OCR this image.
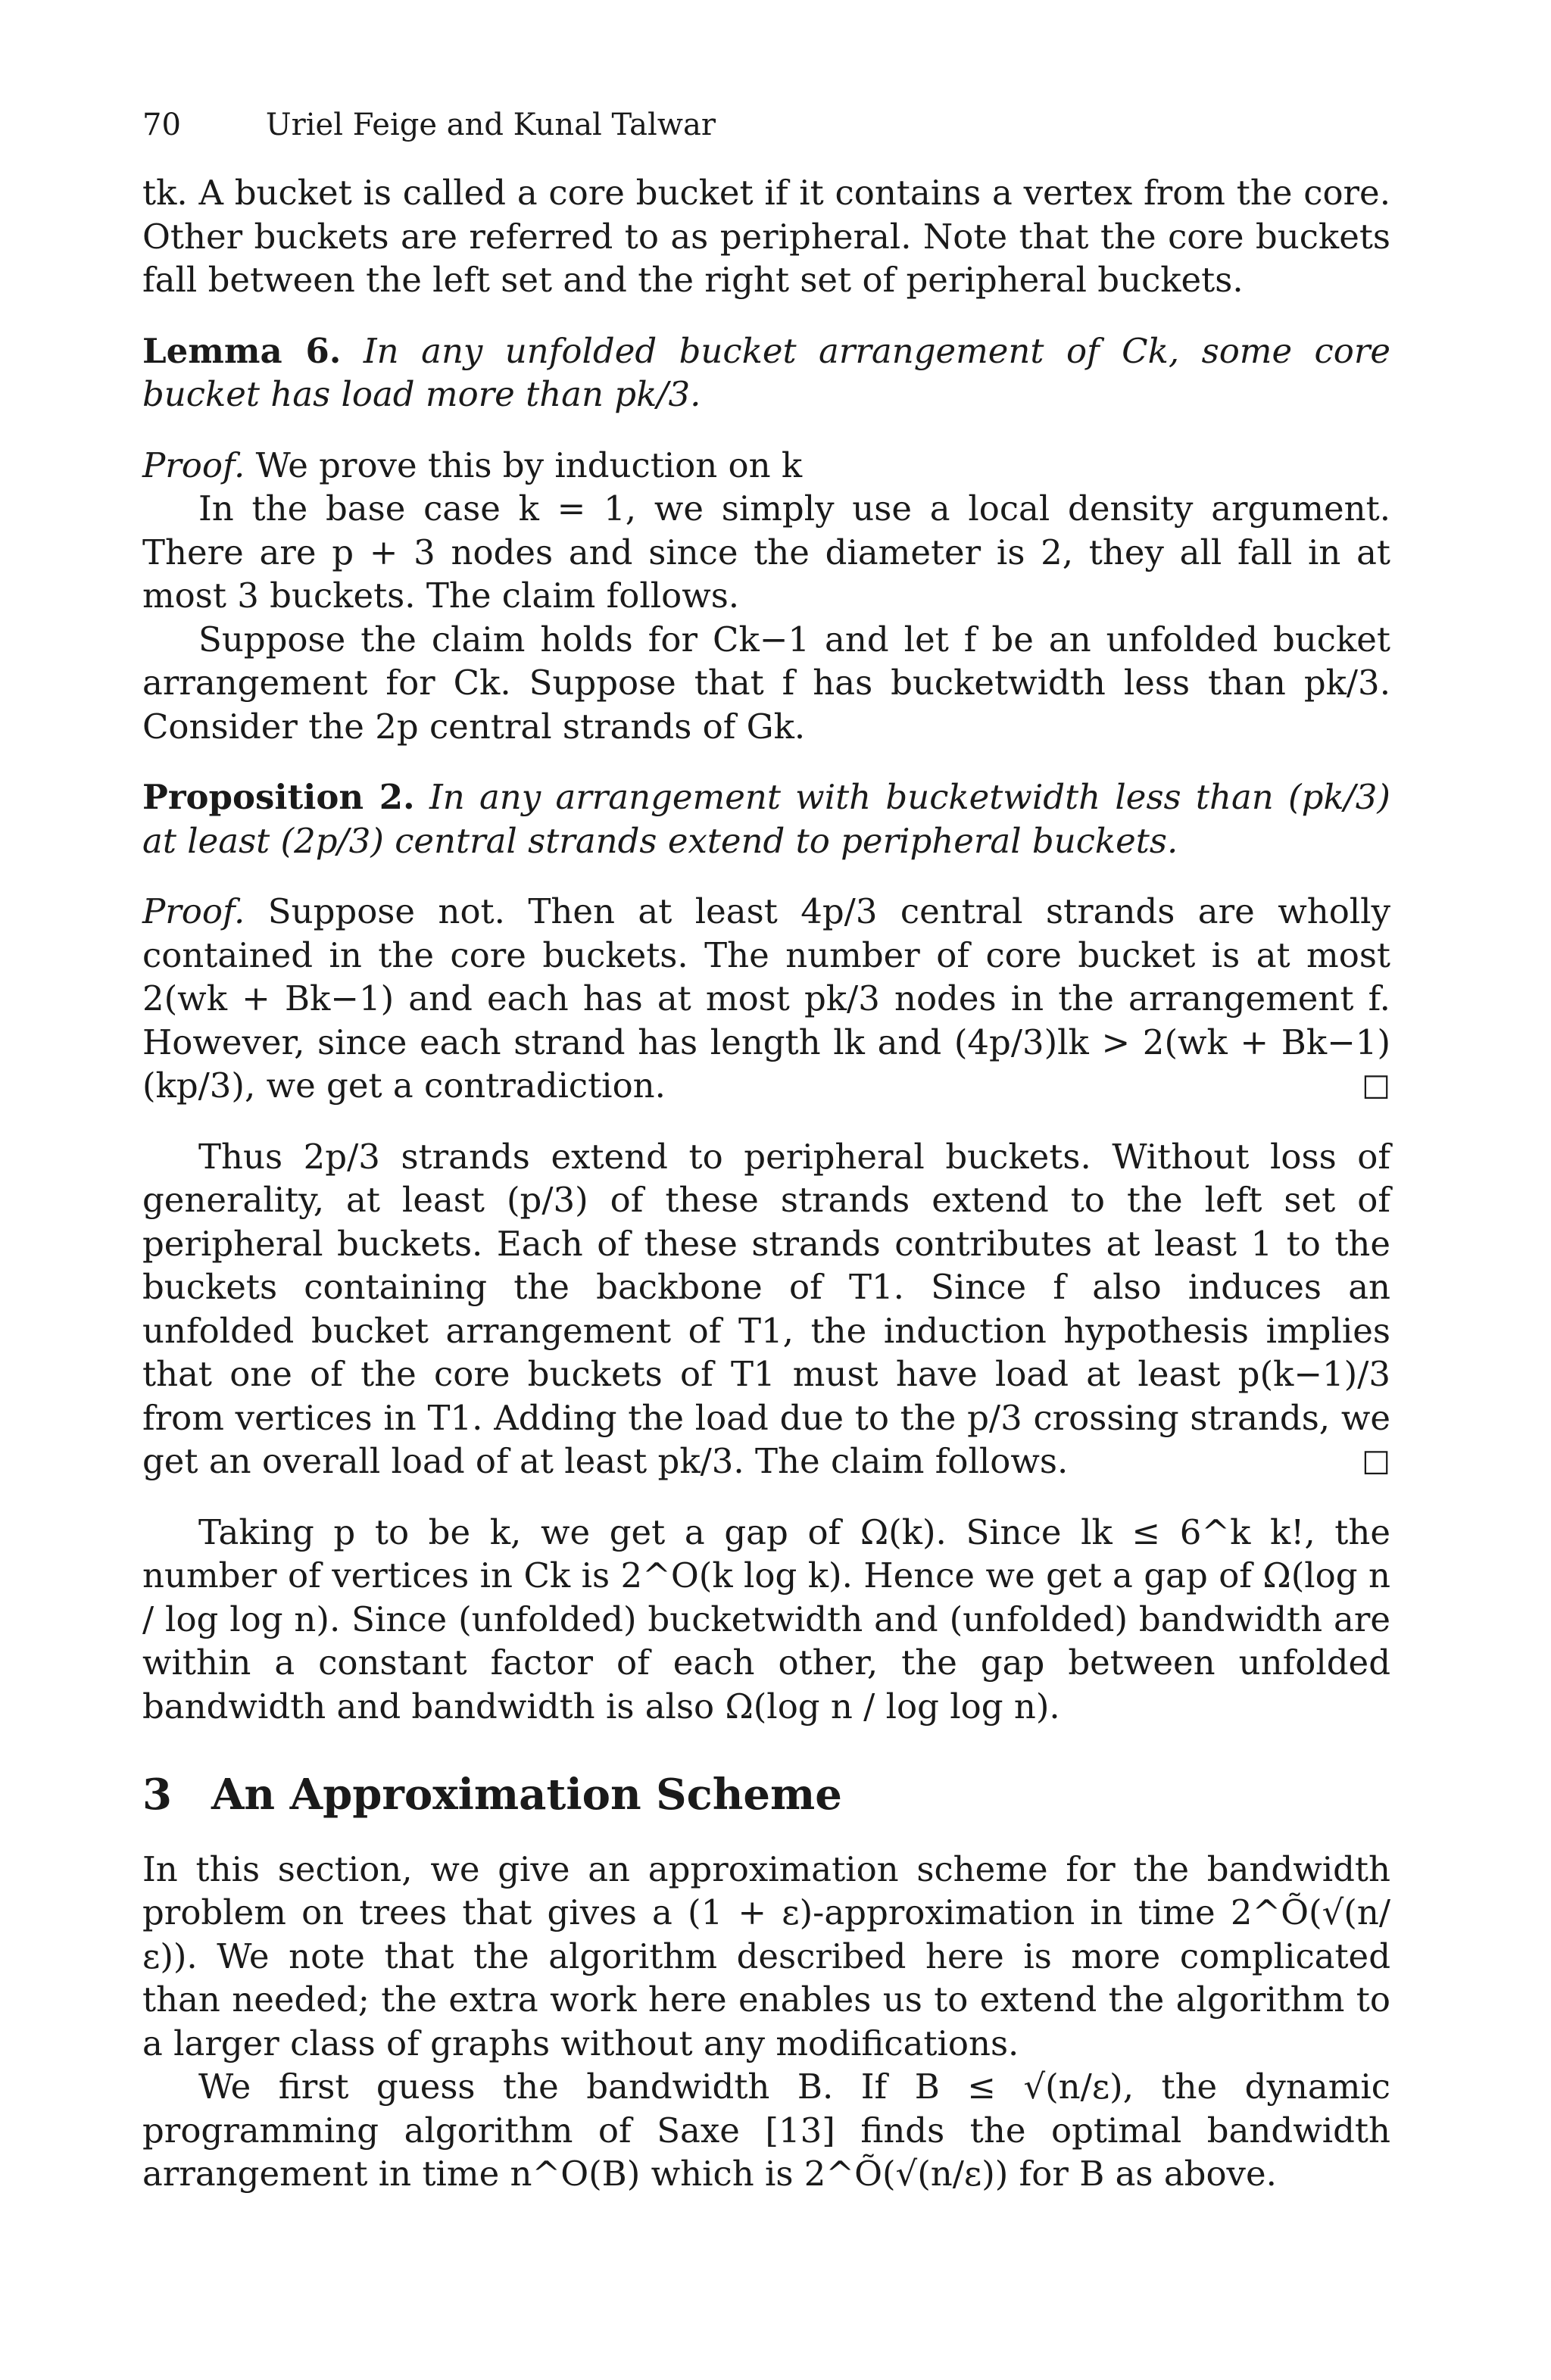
70	Uriel Feige and Kunal Talwar

tk. A bucket is called a core bucket if it contains a vertex from the core. Other buckets are referred to as peripheral. Note that the core buckets fall between the left set and the right set of peripheral buckets.

Lemma 6. In any unfolded bucket arrangement of Ck, some core bucket has load more than pk/3.

Proof. We prove this by induction on k

In the base case k = 1, we simply use a local density argument. There are p + 3 nodes and since the diameter is 2, they all fall in at most 3 buckets. The claim follows.

Suppose the claim holds for Ck−1 and let f be an unfolded bucket arrangement for Ck. Suppose that f has bucketwidth less than pk/3. Consider the 2p central strands of Gk.

Proposition 2. In any arrangement with bucketwidth less than (pk/3) at least (2p/3) central strands extend to peripheral buckets.

Proof. Suppose not. Then at least 4p/3 central strands are wholly contained in the core buckets. The number of core bucket is at most 2(wk + Bk−1) and each has at most pk/3 nodes in the arrangement f. However, since each strand has length lk and (4p/3)lk > 2(wk + Bk−1)(kp/3), we get a contradiction.	□

Thus 2p/3 strands extend to peripheral buckets. Without loss of generality, at least (p/3) of these strands extend to the left set of peripheral buckets. Each of these strands contributes at least 1 to the buckets containing the backbone of T1. Since f also induces an unfolded bucket arrangement of T1, the induction hypothesis implies that one of the core buckets of T1 must have load at least p(k−1)/3 from vertices in T1. Adding the load due to the p/3 crossing strands, we get an overall load of at least pk/3. The claim follows.	□

Taking p to be k, we get a gap of Ω(k). Since lk ≤ 6^k k!, the number of vertices in Ck is 2^O(k log k). Hence we get a gap of Ω(log n / log log n). Since (unfolded) bucketwidth and (unfolded) bandwidth are within a constant factor of each other, the gap between unfolded bandwidth and bandwidth is also Ω(log n / log log n).

3 An Approximation Scheme

In this section, we give an approximation scheme for the bandwidth problem on trees that gives a (1 + ε)-approximation in time 2^Õ(√(n/ε)). We note that the algorithm described here is more complicated than needed; the extra work here enables us to extend the algorithm to a larger class of graphs without any modifications.

We first guess the bandwidth B. If B ≤ √(n/ε), the dynamic programming algorithm of Saxe [13] finds the optimal bandwidth arrangement in time n^O(B) which is 2^Õ(√(n/ε)) for B as above.
